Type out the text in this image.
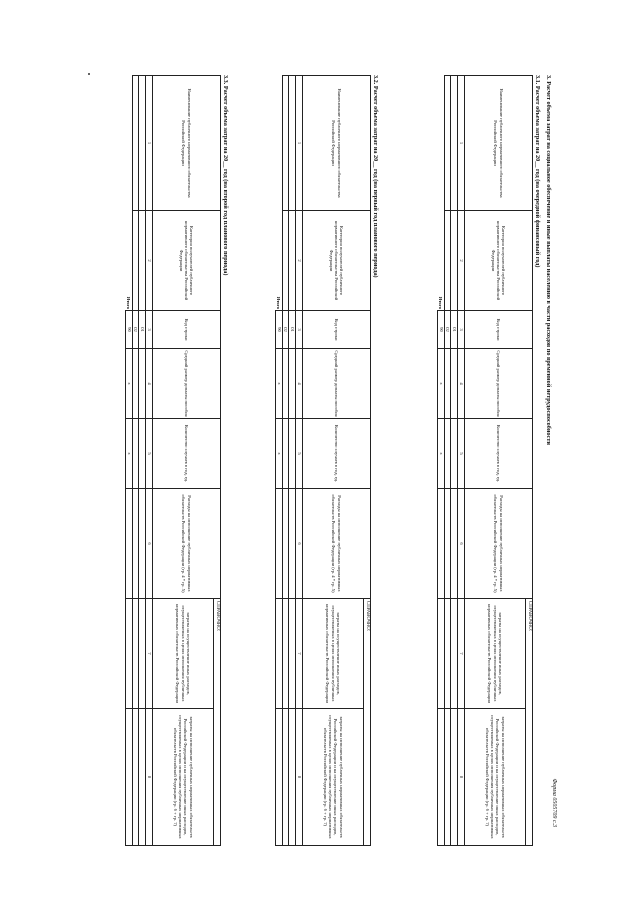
Форма 0505709 с.3
3. Расчет объема затрат на социальное обеспечение и иные выплаты населению в части расходов по временной нетрудоспособности
3.1. Расчет объема затрат на 20__ год (на очередной финансовый год)
Наименование публичного нормативного обязательства Российской Федерации	Категория получателей публичного нормативного обязательства Российской Федерации	Код строки	Средний размер доплаты пособия	Количество случаев в год, ед.	Расходы на исполнение публичных нормативных обязательств Российской Федерации (гр. 4 * гр. 5)	СПРАВОЧНО:	
						затраты на осуществление иных расходов, осуществляемых в целях исполнения публичных нормативных обязательств Российской Федерации	затраты на исполнение публичных нормативных обязательств Российской Федерации и на осуществление иных расходов, осуществляемых в целях исполнения публичных нормативных обязательств Российской Федерации (гр. 6 + гр. 7)
1	2	3	4	5	6	7	8
		01					
		02					
	Итого	90	x	x			
3.2. Расчет объема затрат на 20__ год (на первый год планового периода)
Наименование публичного нормативного обязательства Российской Федерации	Категория получателей публичного нормативного обязательства Российской Федерации	Код строки	Средний размер доплаты пособия	Количество случаев в год, ед.	Расходы на исполнение публичных нормативных обязательств Российской Федерации (гр. 4 * гр. 5)	СПРАВОЧНО:	
						затраты на осуществление иных расходов, осуществляемых в целях исполнения публичных нормативных обязательств Российской Федерации	затраты на исполнение публичных нормативных обязательств Российской Федерации и на осуществление иных расходов, осуществляемых в целях исполнения публичных нормативных обязательств Российской Федерации (гр. 6 + гр. 7)
1	2	3	4	5	6	7	8
		01					
		02					
	Итого	90	x	x			
3.3. Расчет объема затрат на 20__ год (на второй год планового периода)
Наименование публичного нормативного обязательства Российской Федерации	Категория получателей публичного нормативного обязательства Российской Федерации	Код строки	Средний размер доплаты пособия	Количество случаев в год, ед.	Расходы на исполнение публичных нормативных обязательств Российской Федерации (гр. 4 * гр. 5)	СПРАВОЧНО:	
						затраты на осуществление иных расходов, осуществляемых в целях исполнения публичных нормативных обязательств Российской Федерации	затраты на исполнение публичных нормативных обязательств Российской Федерации и на осуществление иных расходов, осуществляемых в целях исполнения публичных нормативных обязательств Российской Федерации (гр. 6 + гр. 7)
1	2	3	4	5	6	7	8
		01					
		02					
	Итого	90	x	x			
